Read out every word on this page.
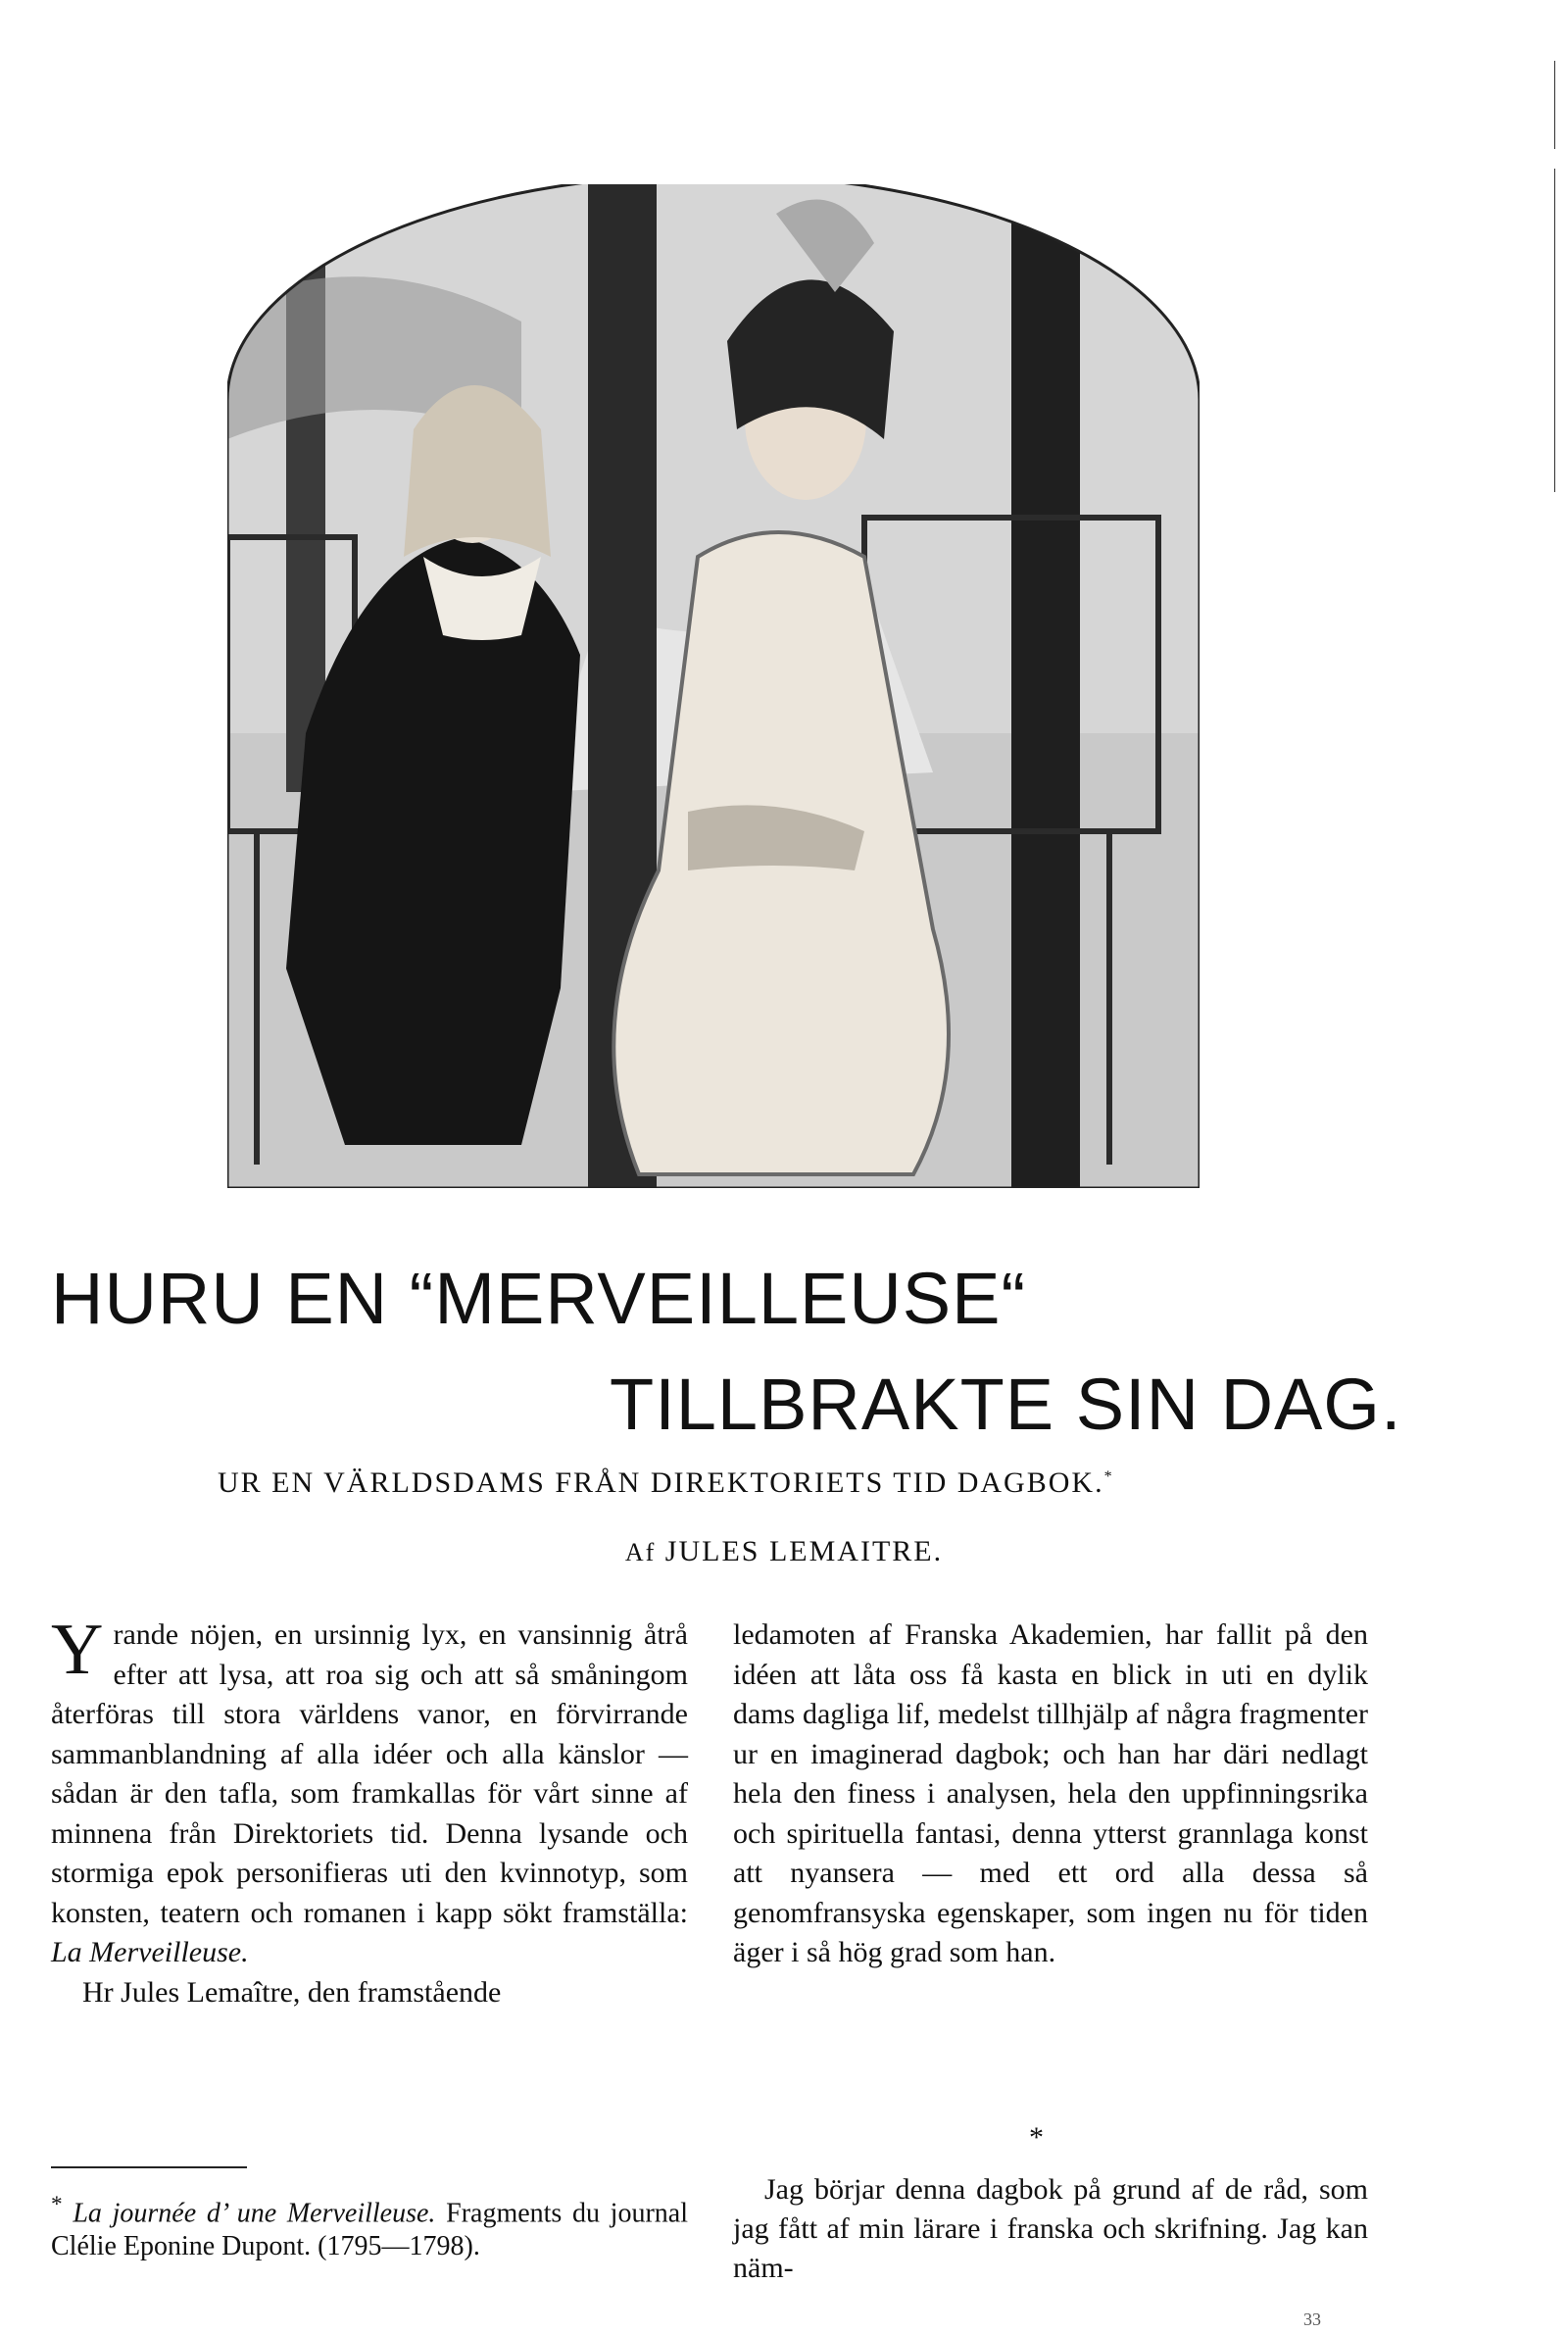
HURU EN “MERVEILLEUSE“
TILLBRAKTE SIN DAG.
UR EN VÄRLDSDAMS FRÅN DIREKTORIETS TID DAGBOK.*
Af JULES LEMAITRE.

Yrande nöjen, en ursinnig lyx, en vansinnig åtrå efter att lysa, att roa sig och att så småningom återföras till stora världens vanor, en förvirrande sammanblandning af alla idéer och alla känslor — sådan är den tafla, som framkallas för vårt sinne af minnena från Direktoriets tid. Denna lysande och stormiga epok personifieras uti den kvinnotyp, som konsten, teatern och romanen i kapp sökt framställa: La Merveilleuse.

Hr Jules Lemaître, den framstående

* La journée d’ une Merveilleuse. Fragments du journal Clélie Eponine Dupont. (1795—1798).

ledamoten af Franska Akademien, har fallit på den idéen att låta oss få kasta en blick in uti en dylik dams dagliga lif, medelst tillhjälp af några fragmenter ur en imaginerad dagbok; och han har däri nedlagt hela den finess i analysen, hela den uppfinningsrika och spirituella fantasi, denna ytterst grannlaga konst att nyansera — med ett ord alla dessa så genomfransyska egenskaper, som ingen nu för tiden äger i så hög grad som han.

*

Jag börjar denna dagbok på grund af de råd, som jag fått af min lärare i franska och skrifning. Jag kan näm-

33
